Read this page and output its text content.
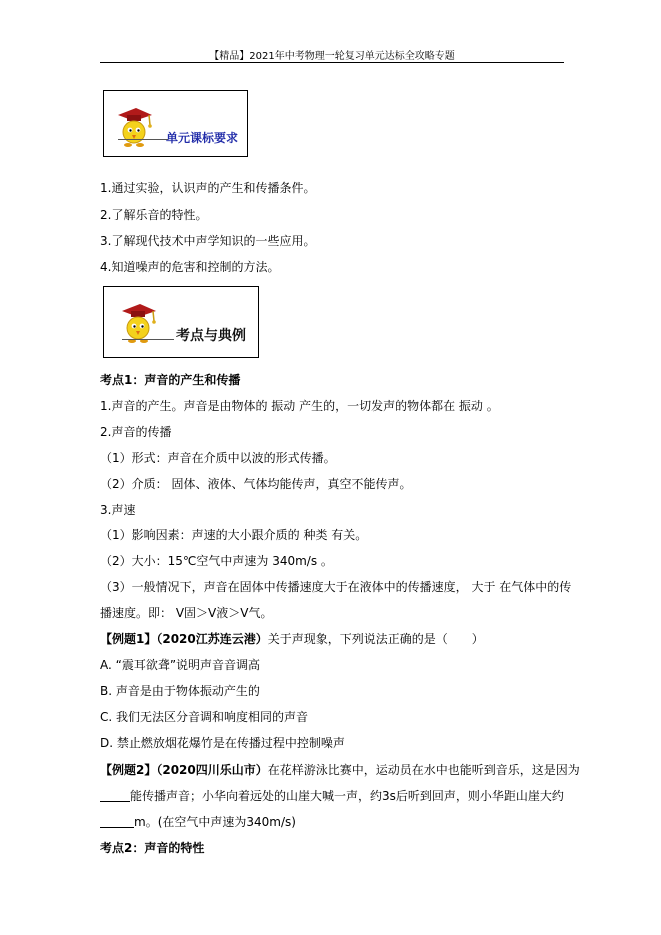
【精品】2021年中考物理一轮复习单元达标全攻略专题
单元课标要求
1.通过实验，认识声的产生和传播条件。
2.了解乐音的特性。
3.了解现代技术中声学知识的一些应用。
4.知道噪声的危害和控制的方法。
考点与典例
考点1：声音的产生和传播
1.声音的产生。声音是由物体的 振动 产生的，一切发声的物体都在 振动 。
2.声音的传播
（1）形式：声音在介质中以波的形式传播。
（2）介质： 固体、液体、气体均能传声，真空不能传声。
3.声速
（1）影响因素：声速的大小跟介质的 种类 有关。
（2）大小：15℃空气中声速为 340m/s 。
（3）一般情况下，声音在固体中传播速度大于在液体中的传播速度， 大于 在气体中的传
播速度。即： V固＞V液＞V气。
【例题1】（2020江苏连云港）关于声现象，下列说法正确的是（　　）
A. “震耳欲聋”说明声音音调高
B. 声音是由于物体振动产生的
C. 我们无法区分音调和响度相同的声音
D. 禁止燃放烟花爆竹是在传播过程中控制噪声
【例题2】（2020四川乐山市）在花样游泳比赛中，运动员在水中也能听到音乐，这是因为
能传播声音；小华向着远处的山崖大喊一声，约3s后听到回声，则小华距山崖大约
m。(在空气中声速为340m/s)
考点2：声音的特性
